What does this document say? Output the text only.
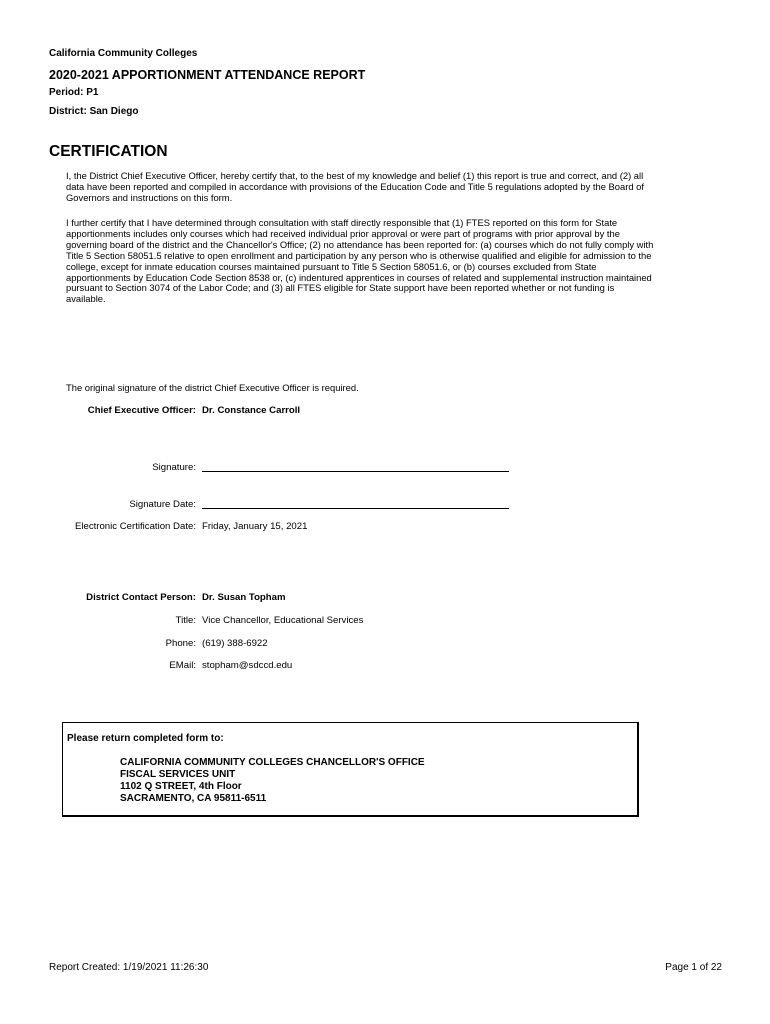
California Community Colleges
2020-2021 APPORTIONMENT ATTENDANCE REPORT
Period: P1
District: San Diego
CERTIFICATION
I, the District Chief Executive Officer, hereby certify that, to the best of my knowledge and belief (1) this report is true and correct, and (2) all data have been reported and compiled in accordance with provisions of the Education Code and Title 5 regulations adopted by the Board of Governors and instructions on this form.
I further certify that I have determined through consultation with staff directly responsible that (1) FTES reported on this form for State apportionments includes only courses which had received individual prior approval or were part of programs with prior approval by the governing board of the district and the Chancellor's Office; (2) no attendance has been reported for: (a) courses which do not fully comply with Title 5 Section 58051.5 relative to open enrollment and participation by any person who is otherwise qualified and eligible for admission to the college, except for inmate education courses maintained pursuant to Title 5 Section 58051.6, or (b) courses excluded from State apportionments by Education Code Section 8538 or, (c) indentured apprentices in courses of related and supplemental instruction maintained pursuant to Section 3074 of the Labor Code; and (3) all FTES eligible for State support have been reported whether or not funding is available.
The original signature of the district Chief Executive Officer is required.
Chief Executive Officer: Dr. Constance Carroll
Signature:
Signature Date:
Electronic Certification Date: Friday, January 15, 2021
District Contact Person: Dr. Susan Topham
Title: Vice Chancellor, Educational Services
Phone: (619) 388-6922
EMail: stopham@sdccd.edu
Please return completed form to:
CALIFORNIA COMMUNITY COLLEGES CHANCELLOR'S OFFICE
FISCAL SERVICES UNIT
1102 Q STREET, 4th Floor
SACRAMENTO, CA 95811-6511
Report Created: 1/19/2021 11:26:30	Page 1 of 22
